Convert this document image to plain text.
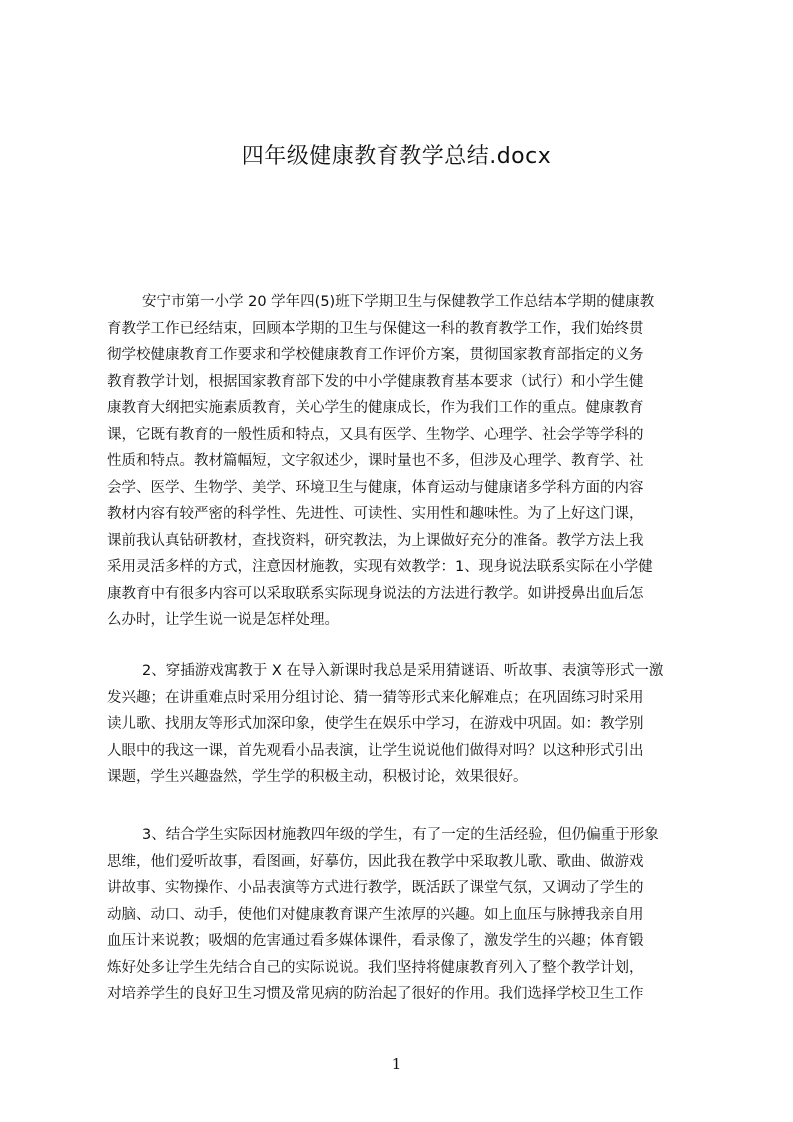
四年级健康教育教学总结.docx
安宁市第一小学 20 学年四(5)班下学期卫生与保健教学工作总结本学期的健康教
育教学工作已经结束，回顾本学期的卫生与保健这一科的教育教学工作，我们始终贯
彻学校健康教育工作要求和学校健康教育工作评价方案，贯彻国家教育部指定的义务
教育教学计划，根据国家教育部下发的中小学健康教育基本要求（试行）和小学生健
康教育大纲把实施素质教育，关心学生的健康成长，作为我们工作的重点。健康教育
课，它既有教育的一般性质和特点，又具有医学、生物学、心理学、社会学等学科的
性质和特点。教材篇幅短，文字叙述少，课时量也不多，但涉及心理学、教育学、社
会学、医学、生物学、美学、环境卫生与健康，体育运动与健康诸多学科方面的内容
教材内容有较严密的科学性、先进性、可读性、实用性和趣味性。为了上好这门课，
课前我认真钻研教材，查找资料，研究教法，为上课做好充分的准备。教学方法上我
采用灵活多样的方式，注意因材施教，实现有效教学：1、现身说法联系实际在小学健
康教育中有很多内容可以采取联系实际现身说法的方法进行教学。如讲授鼻出血后怎
么办时，让学生说一说是怎样处理。
2、穿插游戏寓教于 X 在导入新课时我总是采用猜谜语、听故事、表演等形式一激
发兴趣；在讲重难点时采用分组讨论、猜一猜等形式来化解难点；在巩固练习时采用
读儿歌、找朋友等形式加深印象，使学生在娱乐中学习，在游戏中巩固。如：教学别
人眼中的我这一课，首先观看小品表演，让学生说说他们做得对吗？以这种形式引出
课题，学生兴趣盎然，学生学的积极主动，积极讨论，效果很好。
3、结合学生实际因材施教四年级的学生，有了一定的生活经验，但仍偏重于形象
思维，他们爱听故事，看图画，好摹仿，因此我在教学中采取教儿歌、歌曲、做游戏
讲故事、实物操作、小品表演等方式进行教学，既活跃了课堂气氛，又调动了学生的
动脑、动口、动手，使他们对健康教育课产生浓厚的兴趣。如上血压与脉搏我亲自用
血压计来说教；吸烟的危害通过看多媒体课件，看录像了，激发学生的兴趣；体育锻
炼好处多让学生先结合自己的实际说说。我们坚持将健康教育列入了整个教学计划，
对培养学生的良好卫生习惯及常见病的防治起了很好的作用。我们选择学校卫生工作
1
